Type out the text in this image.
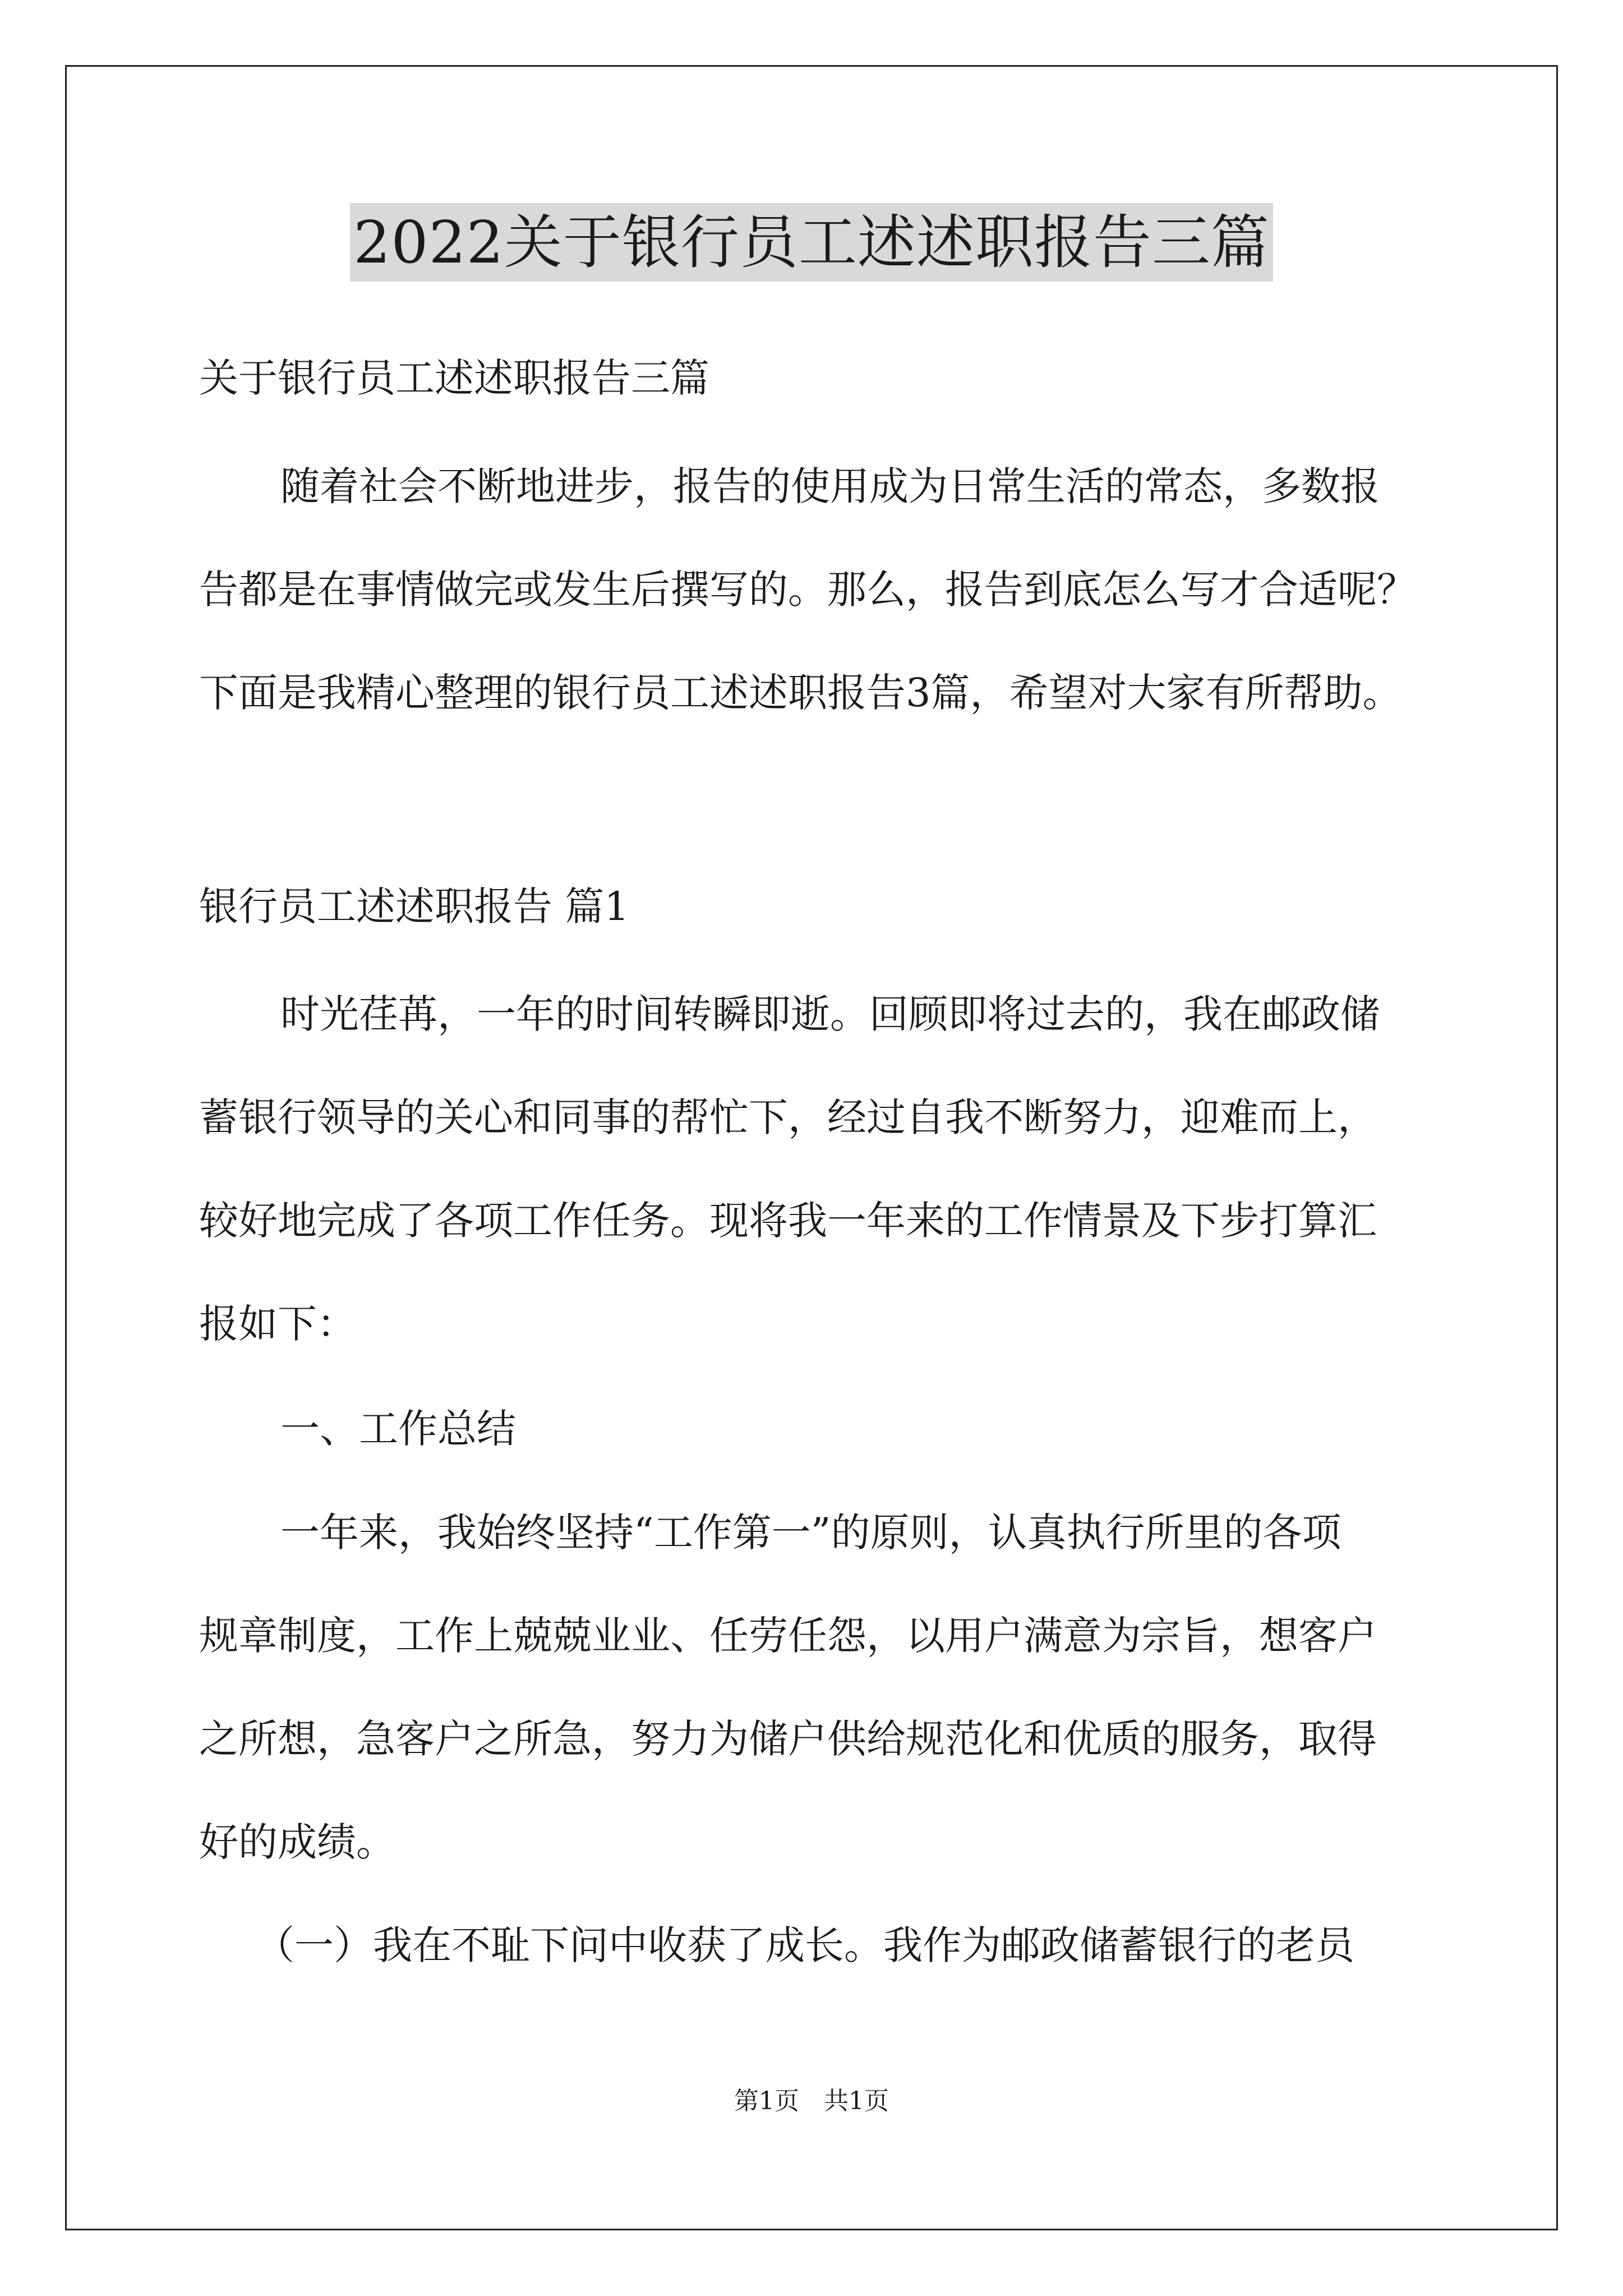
2022关于银行员工述述职报告三篇
关于银行员工述述职报告三篇
随着社会不断地进步，报告的使用成为日常生活的常态，多数报
告都是在事情做完或发生后撰写的。那么，报告到底怎么写才合适呢？
下面是我精心整理的银行员工述述职报告3篇，希望对大家有所帮助。
银行员工述述职报告 篇1
时光荏苒，一年的时间转瞬即逝。回顾即将过去的，我在邮政储
蓄银行领导的关心和同事的帮忙下，经过自我不断努力，迎难而上，
较好地完成了各项工作任务。现将我一年来的工作情景及下步打算汇
报如下：
一、工作总结
一年来，我始终坚持“工作第一”的原则，认真执行所里的各项
规章制度，工作上兢兢业业、任劳任怨，以用户满意为宗旨，想客户
之所想，急客户之所急，努力为储户供给规范化和优质的服务，取得
好的成绩。
（一）我在不耻下问中收获了成长。我作为邮政储蓄银行的老员
第1页　共1页
